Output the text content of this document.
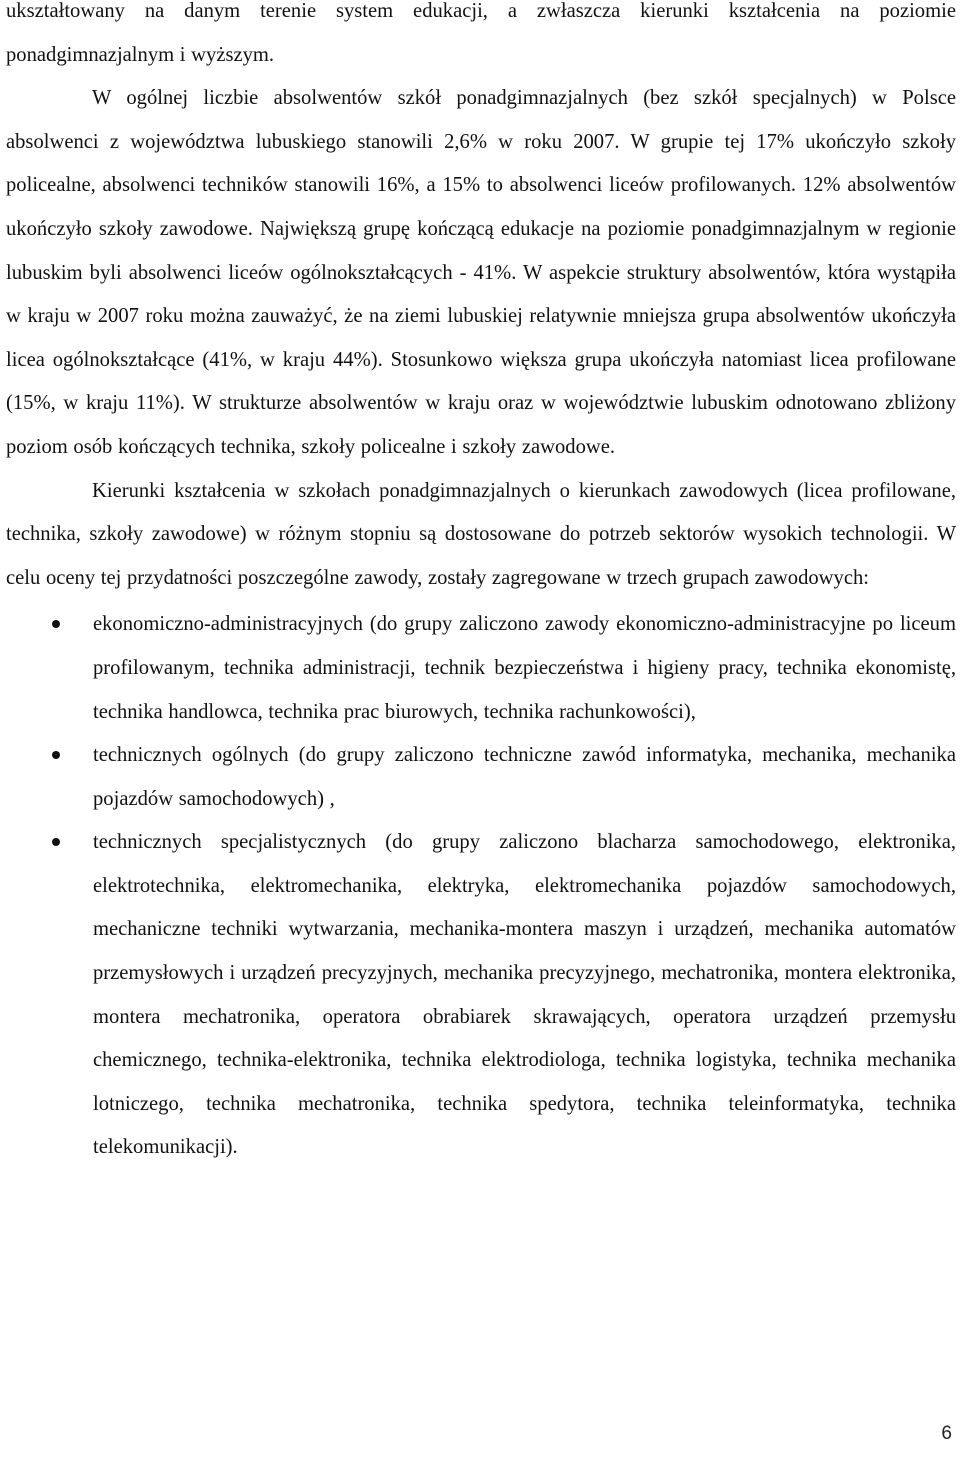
ukształtowany na danym terenie system edukacji, a zwłaszcza kierunki kształcenia na poziomie ponadgimnazjalnym i wyższym.

W ogólnej liczbie absolwentów szkół ponadgimnazjalnych (bez szkół specjalnych) w Polsce absolwenci z województwa lubuskiego stanowili 2,6% w roku 2007. W grupie tej 17% ukończyło szkoły policealne, absolwenci techników stanowili 16%, a 15% to absolwenci liceów profilowanych. 12% absolwentów ukończyło szkoły zawodowe. Największą grupę kończącą edukacje na poziomie ponadgimnazjalnym w regionie lubuskim byli absolwenci liceów ogólnokształcących - 41%. W aspekcie struktury absolwentów, która wystąpiła w kraju w 2007 roku można zauważyć, że na ziemi lubuskiej relatywnie mniejsza grupa absolwentów ukończyła licea ogólnokształcące (41%, w kraju 44%). Stosunkowo większa grupa ukończyła natomiast licea profilowane (15%, w kraju 11%). W strukturze absolwentów w kraju oraz w województwie lubuskim odnotowano zbliżony poziom osób kończących technika, szkoły policealne i szkoły zawodowe.

Kierunki kształcenia w szkołach ponadgimnazjalnych o kierunkach zawodowych (licea profilowane, technika, szkoły zawodowe) w różnym stopniu są dostosowane do potrzeb sektorów wysokich technologii. W celu oceny tej przydatności poszczególne zawody, zostały zagregowane w trzech grupach zawodowych:

ekonomiczno-administracyjnych (do grupy zaliczono zawody ekonomiczno-administracyjne po liceum profilowanym, technika administracji, technik bezpieczeństwa i higieny pracy, technika ekonomistę, technika handlowca, technika prac biurowych, technika rachunkowości),
technicznych ogólnych (do grupy zaliczono techniczne zawód informatyka, mechanika, mechanika pojazdów samochodowych) ,
technicznych specjalistycznych (do grupy zaliczono blacharza samochodowego, elektronika, elektrotechnika, elektromechanika, elektryka, elektromechanika pojazdów samochodowych, mechaniczne techniki wytwarzania, mechanika-montera maszyn i urządzeń, mechanika automatów przemysłowych i urządzeń precyzyjnych, mechanika precyzyjnego, mechatronika, montera elektronika, montera mechatronika, operatora obrabiarek skrawających, operatora urządzeń przemysłu chemicznego, technika-elektronika, technika elektrodiologa, technika logistyka, technika mechanika lotniczego, technika mechatronika, technika spedytora, technika teleinformatyka, technika telekomunikacji).
6
